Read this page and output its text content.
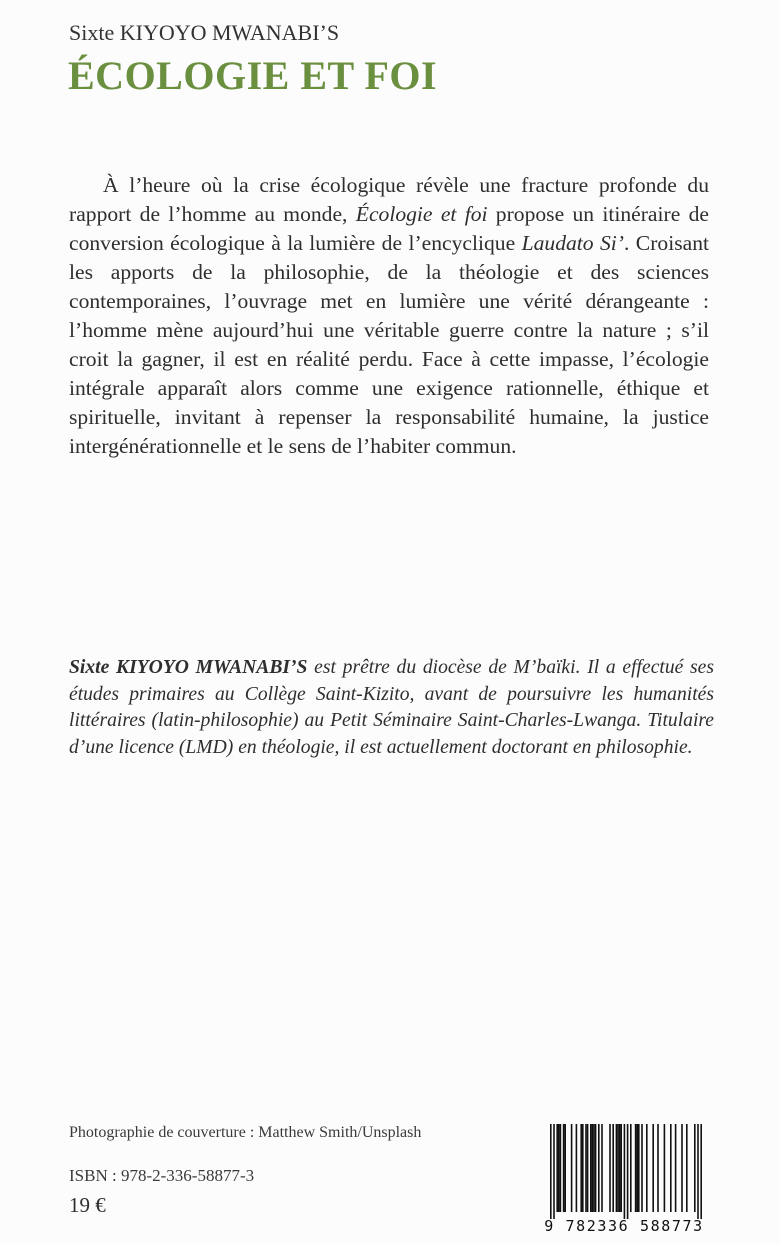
Sixte KIYOYO MWANABI’S
ÉCOLOGIE ET FOI

À l’heure où la crise écologique révèle une fracture profonde du rapport de l’homme au monde, Écologie et foi propose un itinéraire de conversion écologique à la lumière de l’encyclique Laudato Si’. Croisant les apports de la philosophie, de la théologie et des sciences contemporaines, l’ouvrage met en lumière une vérité dérangeante : l’homme mène aujourd’hui une véritable guerre contre la nature ; s’il croit la gagner, il est en réalité perdu. Face à cette impasse, l’écologie intégrale apparaît alors comme une exigence rationnelle, éthique et spirituelle, invitant à repenser la responsabilité humaine, la justice intergénérationnelle et le sens de l’habiter commun.

Sixte KIYOYO MWANABI’S est prêtre du diocèse de M’baïki. Il a effectué ses études primaires au Collège Saint-Kizito, avant de poursuivre les humanités littéraires (latin-philosophie) au Petit Séminaire Saint-Charles-Lwanga. Titulaire d’une licence (LMD) en théologie, il est actuellement doctorant en philosophie.

Photographie de couverture : Matthew Smith/Unsplash
ISBN : 978-2-336-58877-3
19 €
9 782336 588773
